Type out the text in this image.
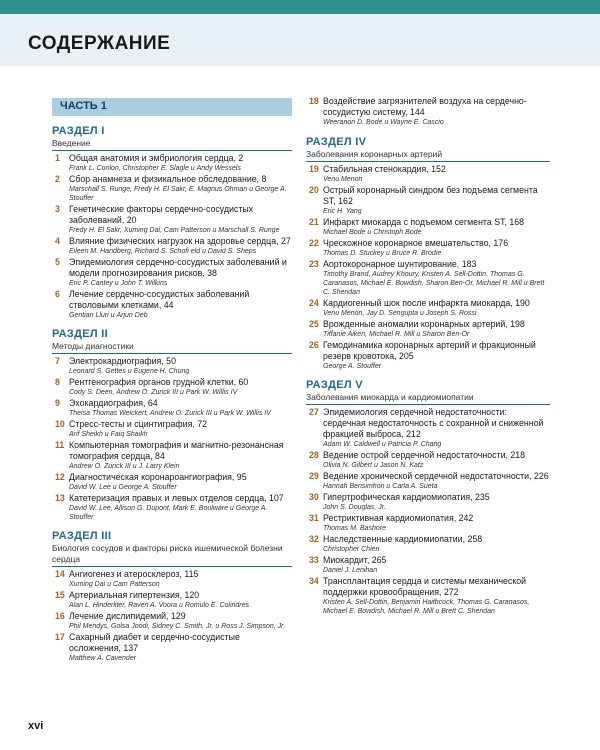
СОДЕРЖАНИЕ
ЧАСТЬ 1
РАЗДЕЛ I
Введение
1	Общая анатомия и эмбриология сердца, 2
Frank L. Conlon, Christopher E. Slagle и Andy Wessels
2	Сбор анамнеза и физикальное обследование, 8
Marschall S. Runge, Fredy H. El Sakr, E. Magnus Ohman и George A. Stouffer
3	Генетические факторы сердечно-сосудистых заболеваний, 20
Fredy H. El Sakr, Xuming Dai, Cam Patterson и Marschall S. Runge
4	Влияние физических нагрузок на здоровье сердца, 27
Eileen M. Handberg, Richard S. Schofi eld и David S. Sheps
5	Эпидемиология сердечно-сосудистых заболеваний и модели прогнозирования рисков, 38
Eric P. Cantey и John T. Wilkins
6	Лечение сердечно-сосудистых заболеваний стволовыми клетками, 44
Gentian Lluri и Arjun Deb
РАЗДЕЛ II
Методы диагностики
7	Электрокардиография, 50
Leonard S. Gettes и Eugene H. Chung
8	Рентгенография органов грудной клетки, 60
Cody S. Deen, Andrew O. Zurick III и Park W. Willis IV
9	Эхокардиография, 64
Theisa Thomas Weickert, Andrew O. Zurick III и Park W. Willis IV
10 Стресс-тесты и сцинтиграфия, 72
Arif Sheikh и Faiq Shaikh
11 Компьютерная томография и магнитно-резонансная томография сердца, 84
Andrew O. Zurick III и J. Larry Klein
12 Диагностическая коронароангиография, 95
David W. Lee и George A. Stouffer
13 Катетеризация правых и левых отделов сердца, 107
David W. Lee, Allison G. Dupont, Mark E. Boulware и George A. Stouffer
РАЗДЕЛ III
Биология сосудов и факторы риска ишемической болезни сердца
14 Ангиогенез и атеросклероз, 115
Xuming Dai и Cam Patterson
15 Артериальная гипертензия, 120
Alan L. Hinderliter, Raven A. Voora и Romulo E. Colindres
16 Лечение дислипидемий, 129
Phil Mendys, Golsa Joodi, Sidney C. Smith, Jr. и Ross J. Simpson, Jr.
17 Сахарный диабет и сердечно-сосудистые осложнения, 137
Matthew A. Cavender
18 Воздействие загрязнителей воздуха на сердечно-сосудистую систему, 144
Weeranon D. Bode и Wayne E. Cascio
РАЗДЕЛ IV
Заболевания коронарных артерий
19 Стабильная стенокардия, 152
Venu Menon
20 Острый коронарный синдром без подъема сегмента ST, 162
Eric H. Yang
21 Инфаркт миокарда с подъемом сегмента ST, 168
Michael Bode и Christoph Bode
22 Чрескожное коронарное вмешательство, 176
Thomas D. Stuckey и Bruce R. Brodie
23 Аортокоронарное шунтирование, 183
Timothy Brand, Audrey Khoury, Kristen A. Sell-Dottin, Thomas G. Caranasos, Michael E. Bowdish, Sharon Ben-Or, Michael R. Mill и Brett C. Sheridan
24 Кардиогенный шок после инфаркта миокарда, 190
Venu Menon, Jay D. Sengupta и Joseph S. Rossi
25 Врожденные аномалии коронарных артерий, 198
Tiffanie Aiken, Michael R. Mill и Sharon Ben-Or
26 Гемодинамика коронарных артерий и фракционный резерв кровотока, 205
George A. Stouffer
РАЗДЕЛ V
Заболевания миокарда и кардиомиопатии
27 Эпидемиология сердечной недостаточности: сердечная недостаточность с сохранной и сниженной фракцией выброса, 212
Adam W. Caldwell и Patricia P. Chang
28 Ведение острой сердечной недостаточности, 218
Olivia N. Gilbert и Jason N. Katz
29 Ведение хронической сердечной недостаточности, 226
Hannah Bensimhon и Carla A. Sueta
30 Гипертрофическая кардиомиопатия, 235
John S. Douglas, Jr.
31 Рестриктивная кардиомиопатия, 242
Thomas M. Bashore
32 Наследственные кардиомиопатии, 258
Christopher Chien
33 Миокардит, 265
Daniel J. Lenihan
34 Трансплантация сердца и системы механической поддержки кровообращения, 272
Kristen A. Sell-Dottin, Benjamin Haithcock, Thomas G. Caranasos, Michael E. Bowdish, Michael R. Mill и Brett C. Sheridan
xvi
